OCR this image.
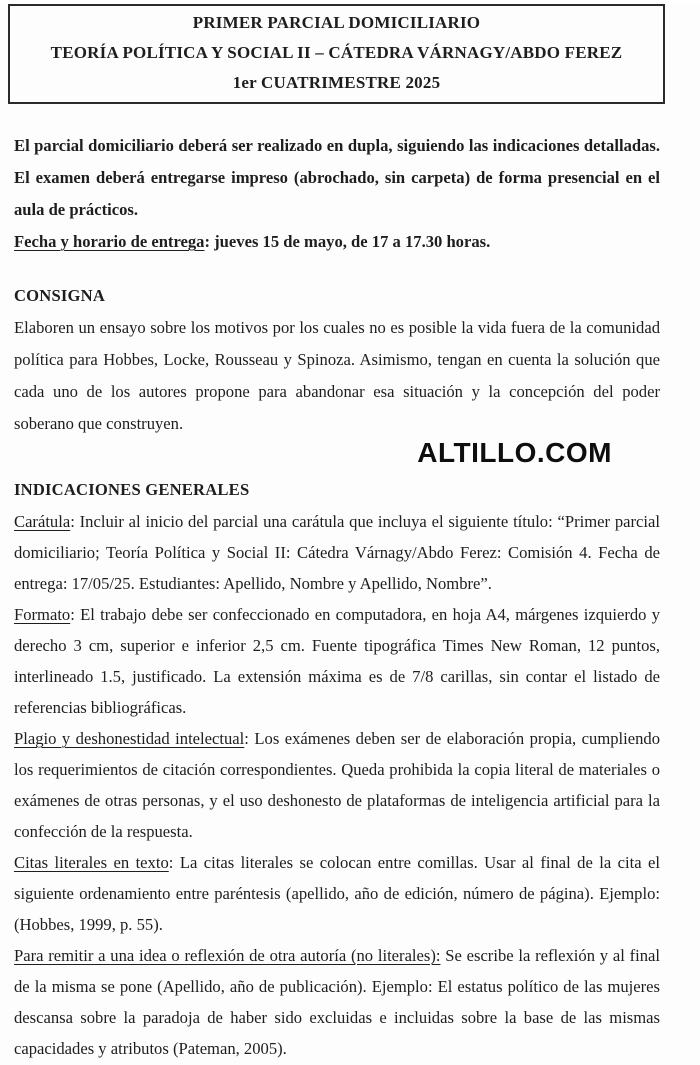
PRIMER PARCIAL DOMICILIARIO
TEORÍA POLÍTICA Y SOCIAL II – CÁTEDRA VÁRNAGY/ABDO FEREZ
1er CUATRIMESTRE 2025

El parcial domiciliario deberá ser realizado en dupla, siguiendo las indicaciones detalladas. El examen deberá entregarse impreso (abrochado, sin carpeta) de forma presencial en el aula de prácticos.

Fecha y horario de entrega: jueves 15 de mayo, de 17 a 17.30 horas.

CONSIGNA

Elaboren un ensayo sobre los motivos por los cuales no es posible la vida fuera de la comunidad política para Hobbes, Locke, Rousseau y Spinoza. Asimismo, tengan en cuenta la solución que cada uno de los autores propone para abandonar esa situación y la concepción del poder soberano que construyen.

ALTILLO.COM
INDICACIONES GENERALES

Carátula: Incluir al inicio del parcial una carátula que incluya el siguiente título: “Primer parcial domiciliario; Teoría Política y Social II: Cátedra Várnagy/Abdo Ferez: Comisión 4. Fecha de entrega: 17/05/25. Estudiantes: Apellido, Nombre y Apellido, Nombre”.

Formato: El trabajo debe ser confeccionado en computadora, en hoja A4, márgenes izquierdo y derecho 3 cm, superior e inferior 2,5 cm. Fuente tipográfica Times New Roman, 12 puntos, interlineado 1.5, justificado. La extensión máxima es de 7/8 carillas, sin contar el listado de referencias bibliográficas.

Plagio y deshonestidad intelectual: Los exámenes deben ser de elaboración propia, cumpliendo los requerimientos de citación correspondientes. Queda prohibida la copia literal de materiales o exámenes de otras personas, y el uso deshonesto de plataformas de inteligencia artificial para la confección de la respuesta.

Citas literales en texto: La citas literales se colocan entre comillas. Usar al final de la cita el siguiente ordenamiento entre paréntesis (apellido, año de edición, número de página). Ejemplo: (Hobbes, 1999, p. 55).

Para remitir a una idea o reflexión de otra autoría (no literales): Se escribe la reflexión y al final de la misma se pone (Apellido, año de publicación). Ejemplo: El estatus político de las mujeres descansa sobre la paradoja de haber sido excluidas e incluidas sobre la base de las mismas capacidades y atributos (Pateman, 2005).
